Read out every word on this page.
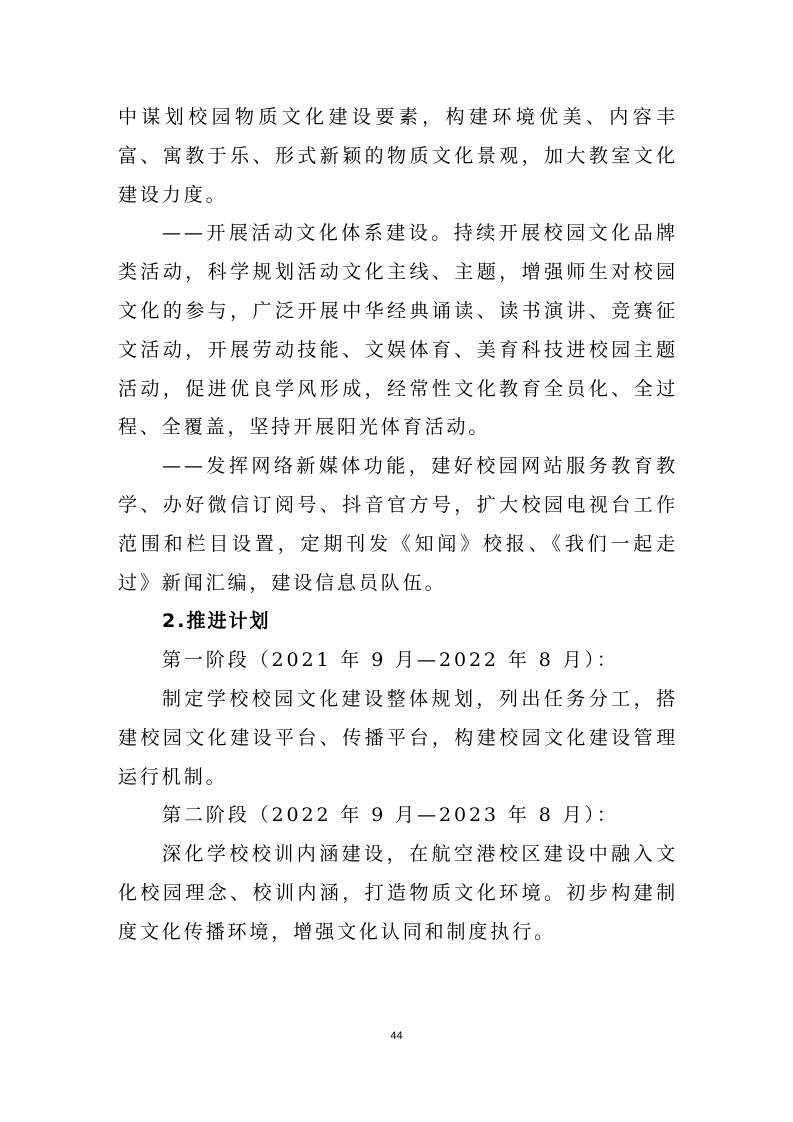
中谋划校园物质文化建设要素，构建环境优美、内容丰富、寓教于乐、形式新颖的物质文化景观，加大教室文化建设力度。

——开展活动文化体系建设。持续开展校园文化品牌类活动，科学规划活动文化主线、主题，增强师生对校园文化的参与，广泛开展中华经典诵读、读书演讲、竞赛征文活动，开展劳动技能、文娱体育、美育科技进校园主题活动，促进优良学风形成，经常性文化教育全员化、全过程、全覆盖，坚持开展阳光体育活动。

——发挥网络新媒体功能，建好校园网站服务教育教学、办好微信订阅号、抖音官方号，扩大校园电视台工作范围和栏目设置，定期刊发《知闻》校报、《我们一起走过》新闻汇编，建设信息员队伍。

2.推进计划

第一阶段（2021 年 9 月—2022 年 8 月）：

制定学校校园文化建设整体规划，列出任务分工，搭建校园文化建设平台、传播平台，构建校园文化建设管理运行机制。

第二阶段（2022 年 9 月—2023 年 8 月）：

深化学校校训内涵建设，在航空港校区建设中融入文化校园理念、校训内涵，打造物质文化环境。初步构建制度文化传播环境，增强文化认同和制度执行。

44
